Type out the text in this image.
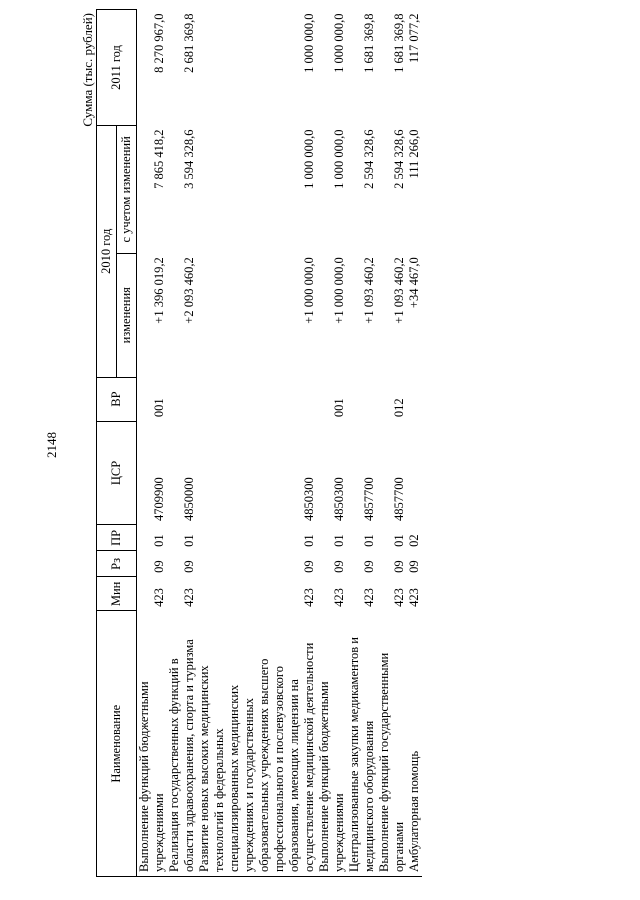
2148
Сумма (тыс. рублей)
Наименование	Мин	Рз	ПР	ЦСР	ВР	2010 год		2011 год
						изменения	с учетом изменений	
Выполнение функций бюджетными учреждениями	423	09	01	4709900	001	+1 396 019,2	7 865 418,2	8 270 967,0
Реализация государственных функций в области здравоохранения, спорта и туризма	423	09	01	4850000		+2 093 460,2	3 594 328,6	2 681 369,8
Развитие новых высоких медицинских технологий в федеральных специализированных медицинских учреждениях и государственных образовательных учреждениях высшего профессионального и послевузовского образования, имеющих лицензии на осуществление медицинской деятельности	423	09	01	4850300		+1 000 000,0	1 000 000,0	1 000 000,0
Выполнение функций бюджетными учреждениями	423	09	01	4850300	001	+1 000 000,0	1 000 000,0	1 000 000,0
Централизованные закупки медикаментов и медицинского оборудования	423	09	01	4857700		+1 093 460,2	2 594 328,6	1 681 369,8
Выполнение функций государственными органами	423	09	01	4857700	012	+1 093 460,2	2 594 328,6	1 681 369,8
Амбулаторная помощь	423	09	02			+34 467,0	111 266,0	117 077,2
